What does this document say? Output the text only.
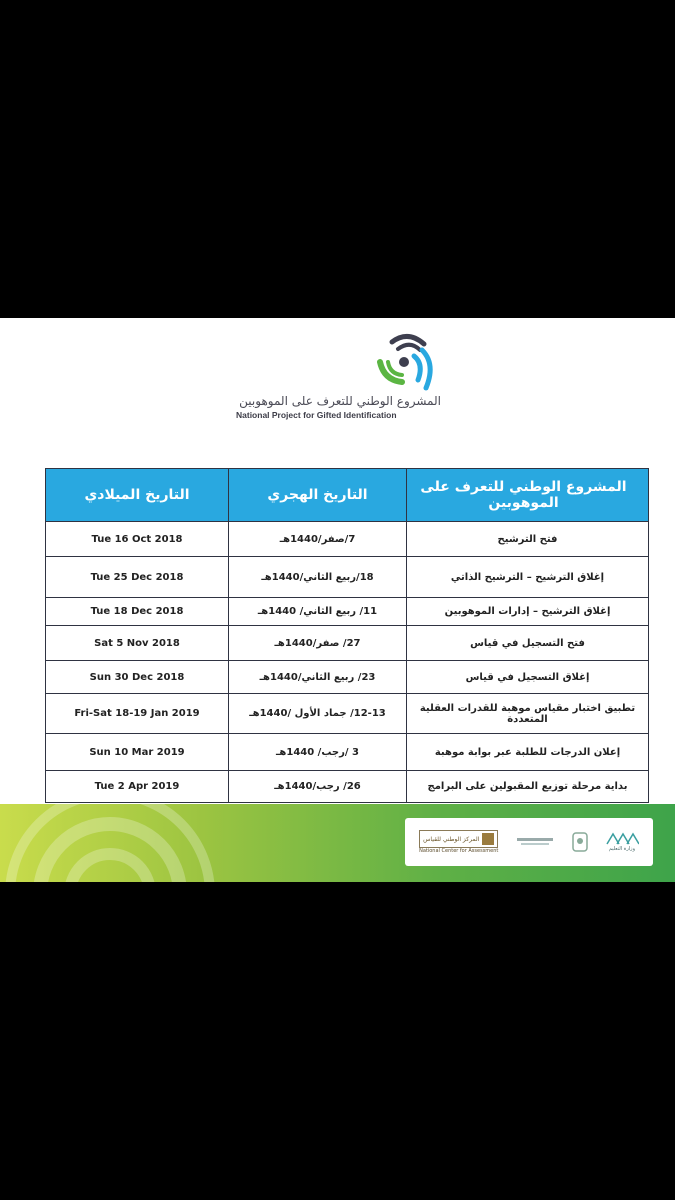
المشروع الوطني للتعرف على الموهوبين
National Project for Gifted Identification
التاريخ الميلادي	التاريخ الهجري	المشروع الوطني للتعرف على الموهوبين
Tue 16 Oct 2018	7/صفر/1440هـ	فتح الترشيح
Tue 25 Dec 2018	18/ربيع الثاني/1440هـ	إغلاق الترشيح – الترشيح الذاتي
Tue 18 Dec 2018	11/ ربيع الثاني/ 1440هـ	إغلاق الترشيح – إدارات الموهوبين
Sat 5 Nov 2018	27/ صفر/1440هـ	فتح التسجيل في قياس
Sun 30 Dec 2018	23/ ربيع الثاني/1440هـ	إغلاق التسجيل في قياس
Fri-Sat 18-19 Jan 2019	12-13/ جماد الأول /1440هـ	تطبيق اختبار مقياس موهبة للقدرات العقلية المتعددة
Sun 10 Mar 2019	3 /رجب/ 1440هـ	إعلان الدرجات للطلبة عبر بوابة موهبة
Tue 2 Apr 2019	26/ رجب/1440هـ	بداية مرحلة توزيع المقبولين على البرامج
المركز الوطني للقياس
National Center for Assessment	وزارة التعليم
